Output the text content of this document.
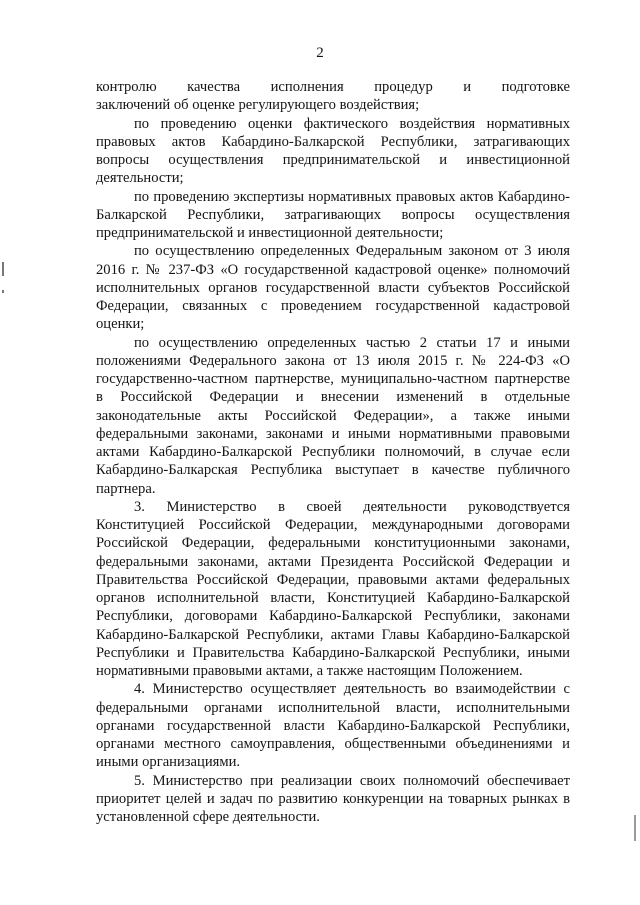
2

контролю качества исполнения процедур и подготовке

заключений об оценке регулирующего воздействия;

по проведению оценки фактического воздействия нормативных правовых актов Кабардино-Балкарской Республики, затрагивающих вопросы осуществления предпринимательской и инвестиционной деятельности;

по проведению экспертизы нормативных правовых актов Кабардино-Балкарской Республики, затрагивающих вопросы осуществления предпринимательской и инвестиционной деятельности;

по осуществлению определенных Федеральным законом от 3 июля 2016 г. № 237-ФЗ «О государственной кадастровой оценке» полномочий исполнительных органов государственной власти субъектов Российской Федерации, связанных с проведением государственной кадастровой оценки;

по осуществлению определенных частью 2 статьи 17 и иными положениями Федерального закона от 13 июля 2015 г. № 224-ФЗ «О государственно-частном партнерстве, муниципально-частном партнерстве в Российской Федерации и внесении изменений в отдельные законодательные акты Российской Федерации», а также иными федеральными законами, законами и иными нормативными правовыми актами Кабардино-Балкарской Республики полномочий, в случае если Кабардино-Балкарская Республика выступает в качестве публичного партнера.

3. Министерство в своей деятельности руководствуется Конституцией Российской Федерации, международными договорами Российской Федерации, федеральными конституционными законами, федеральными законами, актами Президента Российской Федерации и Правительства Российской Федерации, правовыми актами федеральных органов исполнительной власти, Конституцией Кабардино-Балкарской Республики, договорами Кабардино-Балкарской Республики, законами Кабардино-Балкарской Республики, актами Главы Кабардино-Балкарской Республики и Правительства Кабардино-Балкарской Республики, иными нормативными правовыми актами, а также настоящим Положением.

4. Министерство осуществляет деятельность во взаимодействии с федеральными органами исполнительной власти, исполнительными органами государственной власти Кабардино-Балкарской Республики, органами местного самоуправления, общественными объединениями и иными организациями.

5. Министерство при реализации своих полномочий обеспечивает приоритет целей и задач по развитию конкуренции на товарных рынках в установленной сфере деятельности.
